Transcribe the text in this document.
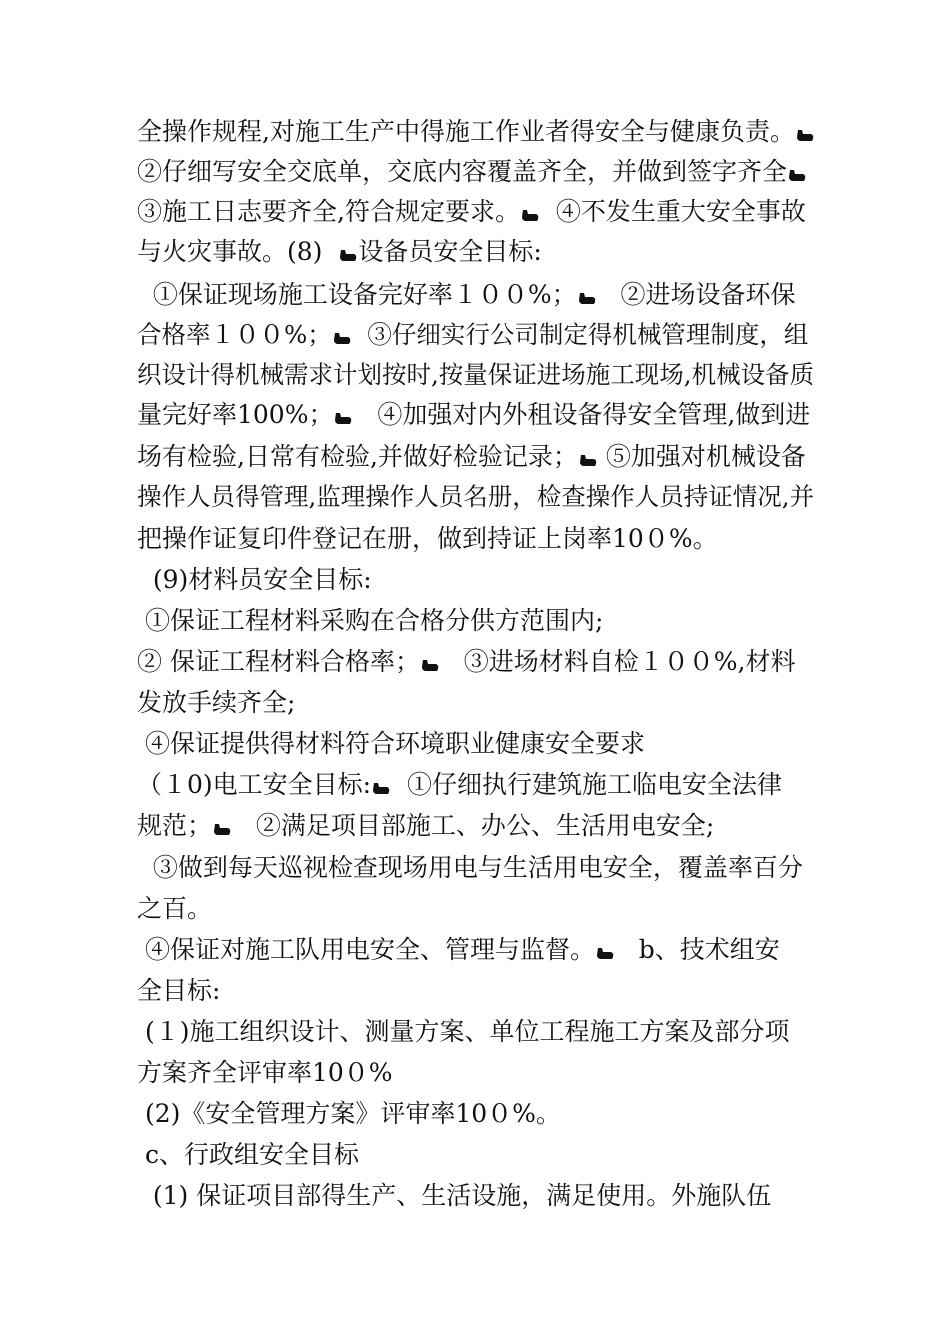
全操作规程,对施工生产中得施工作业者得安全与健康负责。
②仔细写安全交底单，交底内容覆盖齐全，并做到签字齐全
③施工日志要齐全,符合规定要求。
④不发生重大安全事故
与火灾事故。(8)
设备员安全目标:
①保证现场施工设备完好率１００%；
②进场设备环保
合格率１００%；
③仔细实行公司制定得机械管理制度，组
织设计得机械需求计划按时,按量保证进场施工现场,机械设备质
量完好率100%；
④加强对内外租设备得安全管理,做到进
场有检验,日常有检验,并做好检验记录；
⑤加强对机械设备
操作人员得管理,监理操作人员名册，检查操作人员持证情况,并
把操作证复印件登记在册，做到持证上岗率10０%。
(9)材料员安全目标:
①保证工程材料采购在合格分供方范围内;
② 保证工程材料合格率；
③进场材料自检１００%,材料
发放手续齐全;
④保证提供得材料符合环境职业健康安全要求
（１0)电工安全目标:
①仔细执行建筑施工临电安全法律
规范；
②满足项目部施工、办公、生活用电安全;
③做到每天巡视检查现场用电与生活用电安全，覆盖率百分
之百。
④保证对施工队用电安全、管理与监督。
b、技术组安
全目标:
(１)施工组织设计、测量方案、单位工程施工方案及部分项
方案齐全评审率10０%
(2)《安全管理方案》评审率10０%。
c、行政组安全目标
(1) 保证项目部得生产、生活设施，满足使用。外施队伍
